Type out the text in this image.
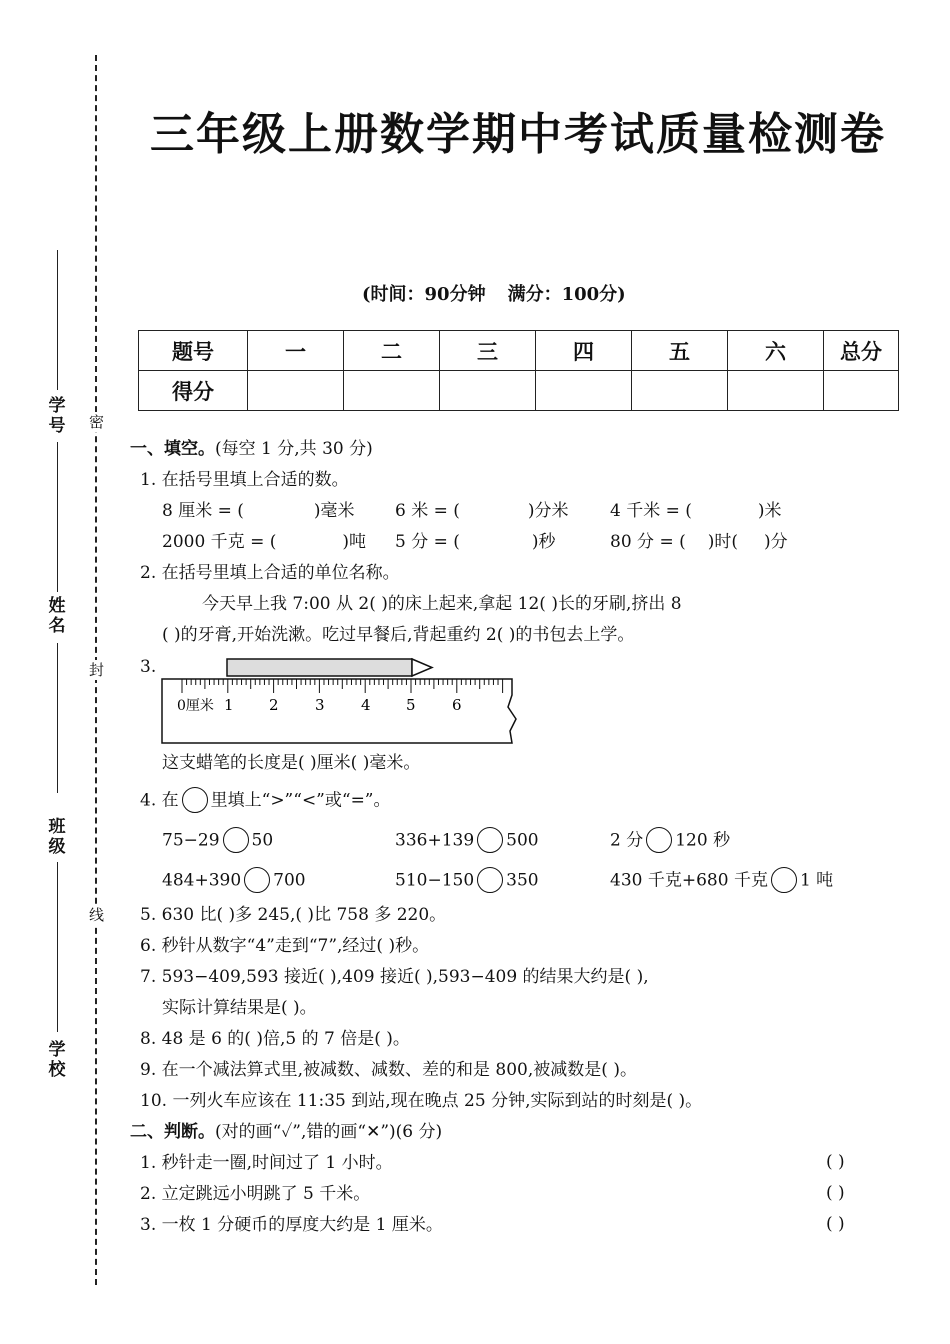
密
封
线
学号
姓名
班级
学校
三年级上册数学期中考试质量检测卷
(时间：90分钟 满分：100分)
题号	一	二	三	四	五	六	总分
得分							
一、填空。(每空 1 分,共 30 分)
1. 在括号里填上合适的数。
8 厘米 = (	)毫米 6 米 = (	)分米 4 千米 = (	)米
2000 千克 = (	)吨 5 分 = (	)秒	80 分 = ( )时( )分
2. 在括号里填上合适的单位名称。
今天早上我 7:00 从 2( )的床上起来,拿起 12( )长的牙刷,挤出 8
( )的牙膏,开始洗漱。吃过早餐后,背起重约 2( )的书包去上学。
3.
0厘米 1 2 3 4 5 6
这支蜡笔的长度是( )厘米( )毫米。
4. 在 里填上“>”“<”或“=”。
75−29 50	336+139 500	2 分 120 秒
484+390 700	510−150 350	430 千克+680 千克 1 吨
5. 630 比( )多 245,( )比 758 多 220。
6. 秒针从数字“4”走到“7”,经过( )秒。
7. 593−409,593 接近( ),409 接近( ),593−409 的结果大约是( ),
实际计算结果是( )。
8. 48 是 6 的( )倍,5 的 7 倍是( )。
9. 在一个减法算式里,被减数、减数、差的和是 800,被减数是( )。
10. 一列火车应该在 11:35 到站,现在晚点 25 分钟,实际到站的时刻是( )。
二、判断。(对的画“✓”,错的画“✕”)(6 分)
1. 秒针走一圈,时间过了 1 小时。	( )
2. 立定跳远小明跳了 5 千米。	( )
3. 一枚 1 分硬币的厚度大约是 1 厘米。	( )
